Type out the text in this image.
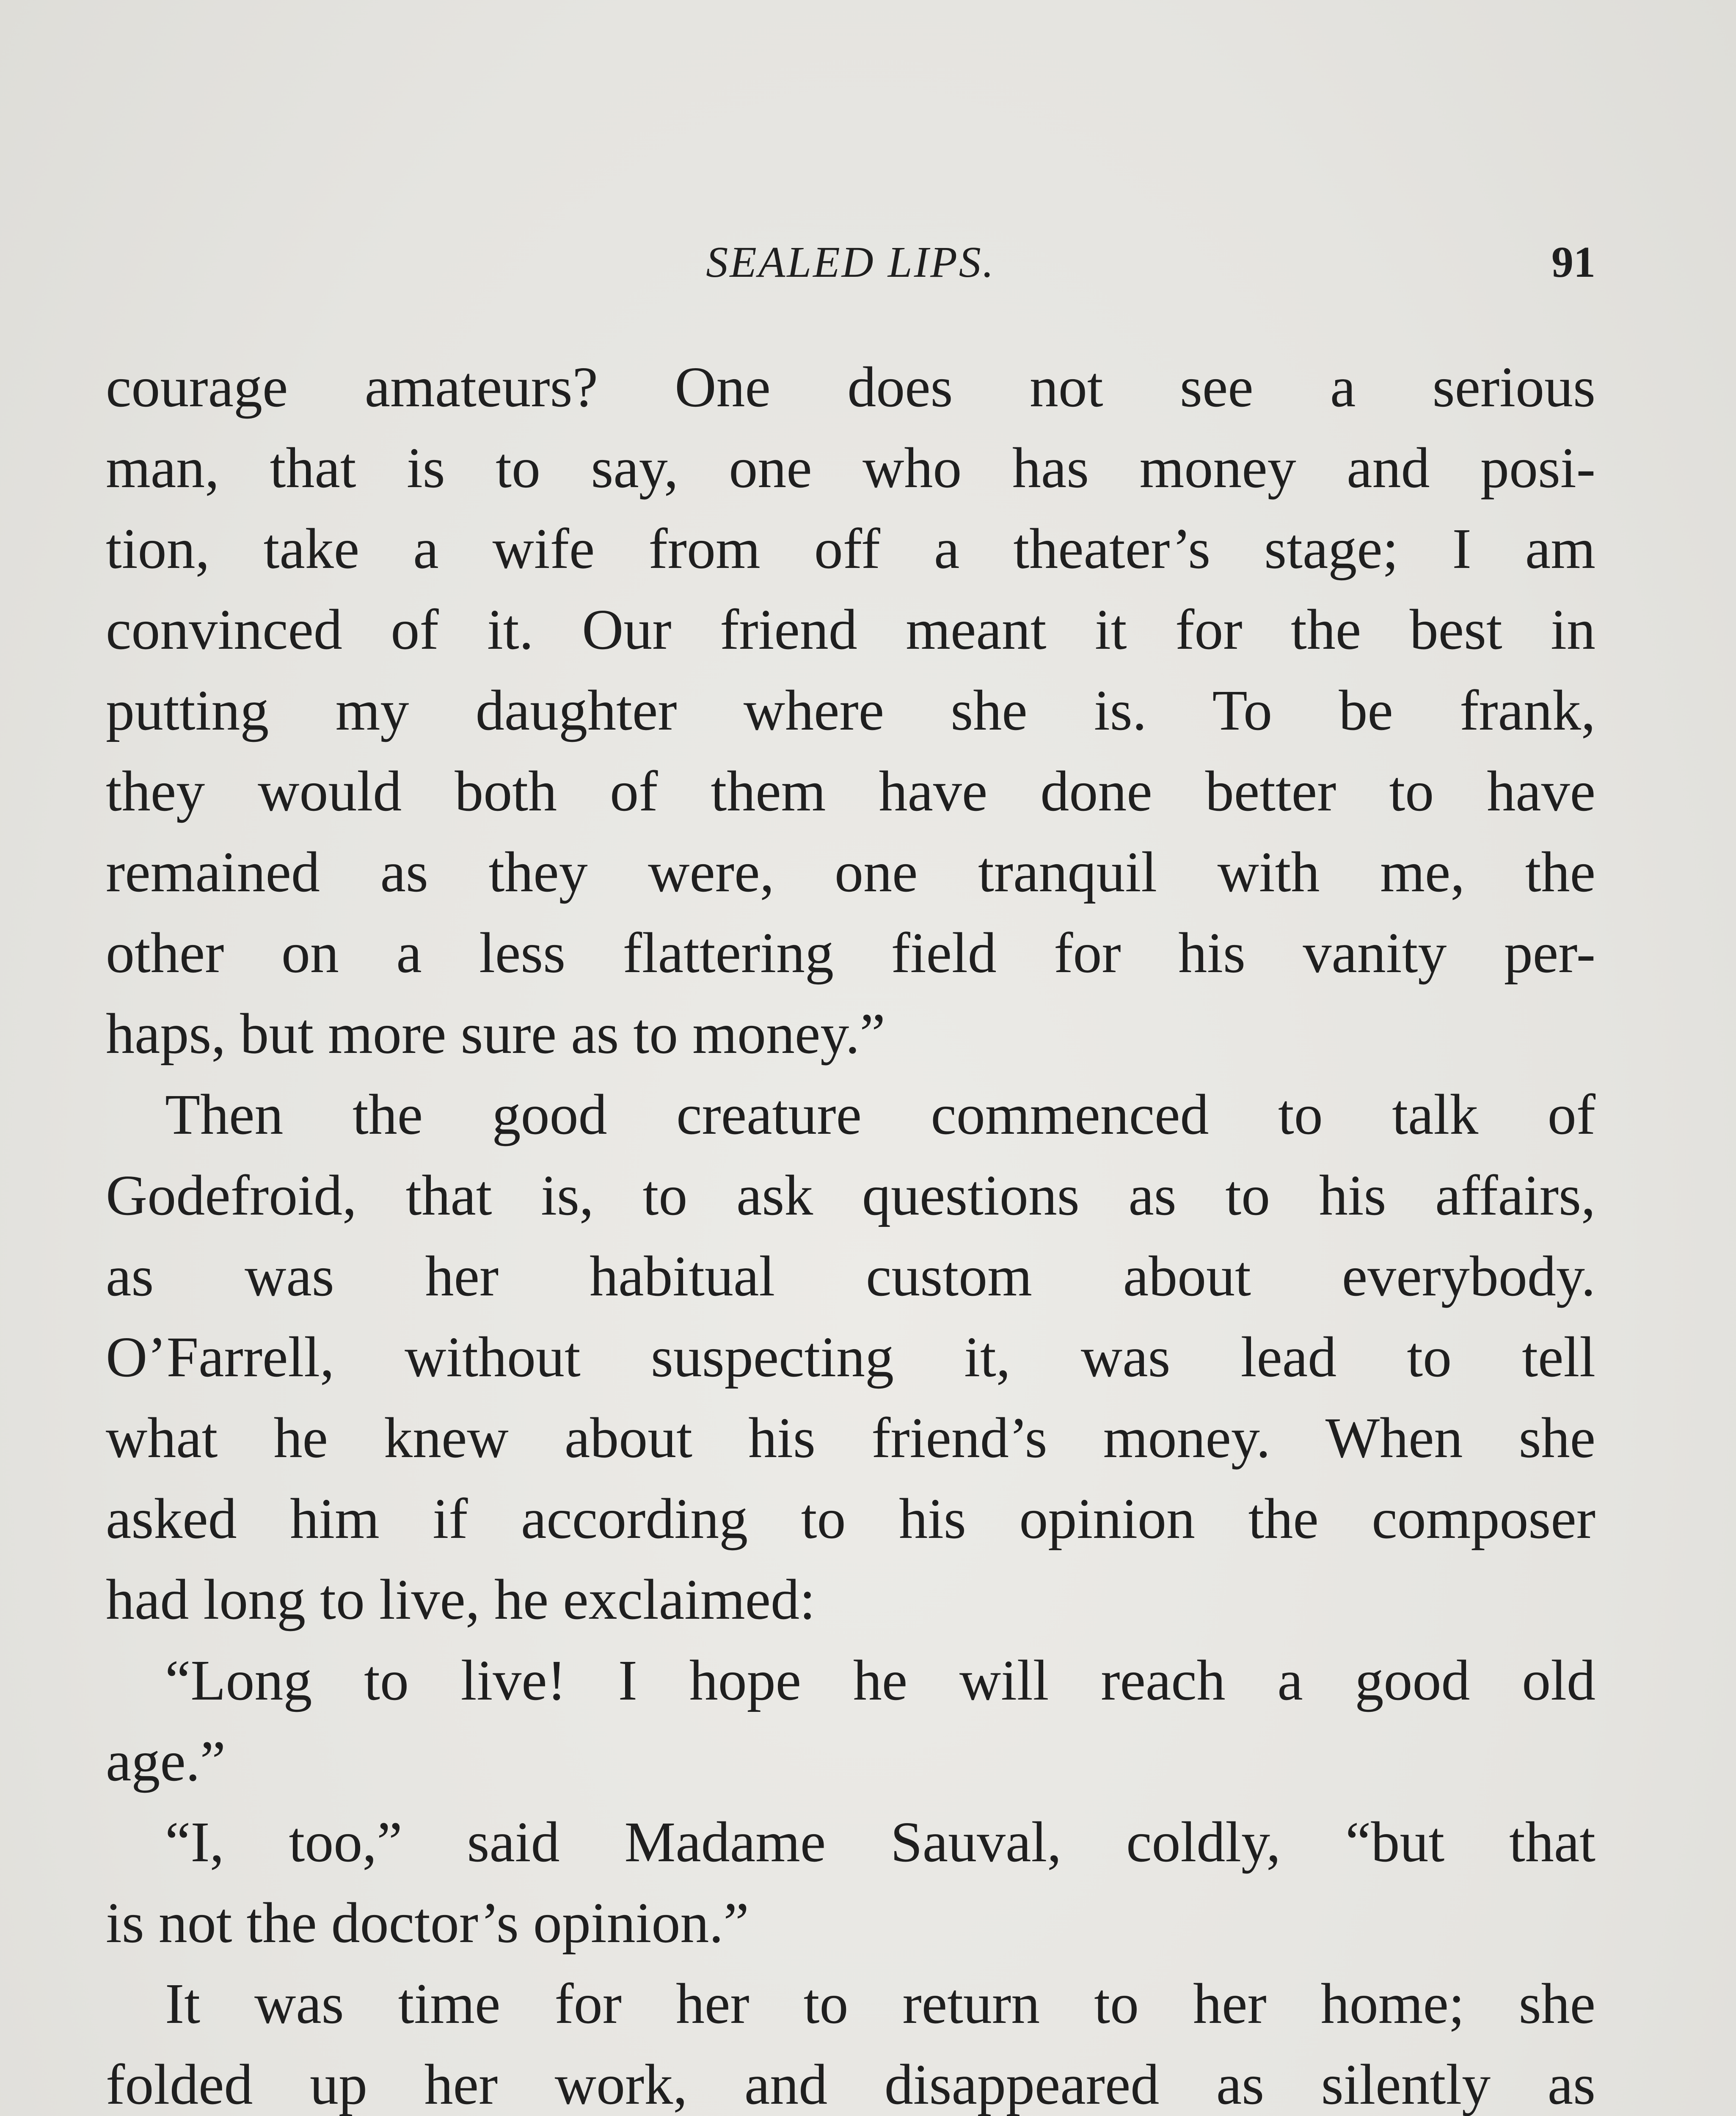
SEALED LIPS.	91
courage amateurs? One does not see a serious
man, that is to say, one who has money and posi-
tion, take a wife from off a theater’s stage; I am
convinced of it. Our friend meant it for the best in
putting my daughter where she is. To be frank,
they would both of them have done better to have
remained as they were, one tranquil with me, the
other on a less flattering field for his vanity per-
haps, but more sure as to money.”
Then the good creature commenced to talk of
Godefroid, that is, to ask questions as to his affairs,
as was her habitual custom about everybody.
O’Farrell, without suspecting it, was lead to tell
what he knew about his friend’s money. When she
asked him if according to his opinion the composer
had long to live, he exclaimed:
“Long to live! I hope he will reach a good old
age.”
“I, too,” said Madame Sauval, coldly, “but that
is not the doctor’s opinion.”
It was time for her to return to her home; she
folded up her work, and disappeared as silently as
